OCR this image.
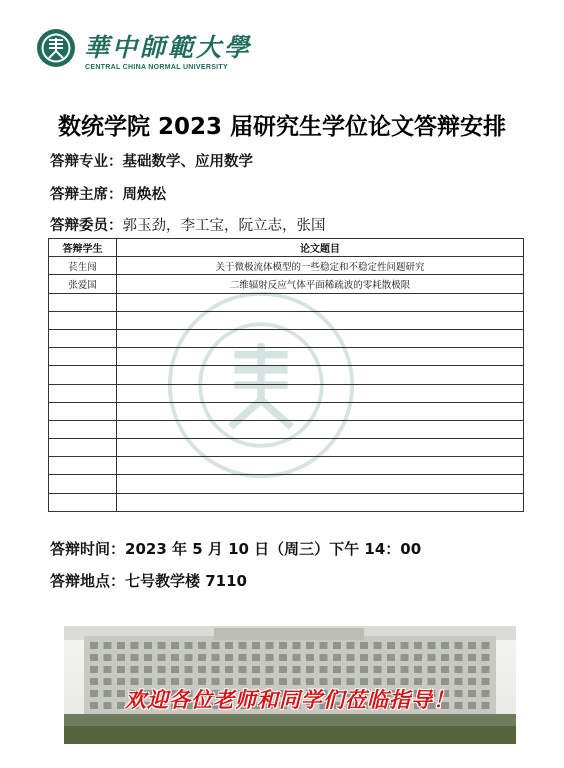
華中師範大學
CENTRAL CHINA NORMAL UNIVERSITY
数统学院 2023 届研究生学位论文答辩安排
答辩专业：基础数学、应用数学
答辩主席：周焕松
答辩委员：郭玉劲，李工宝，阮立志，张国
答辩学生	论文题目
苌生闯	关于微极流体模型的一些稳定和不稳定性问题研究
张爱国	二维辐射反应气体平面稀疏波的零耗散极限

答辩时间：2023 年 5 月 10 日（周三）下午 14：00
答辩地点：七号教学楼 7110
欢迎各位老师和同学们莅临指导！
